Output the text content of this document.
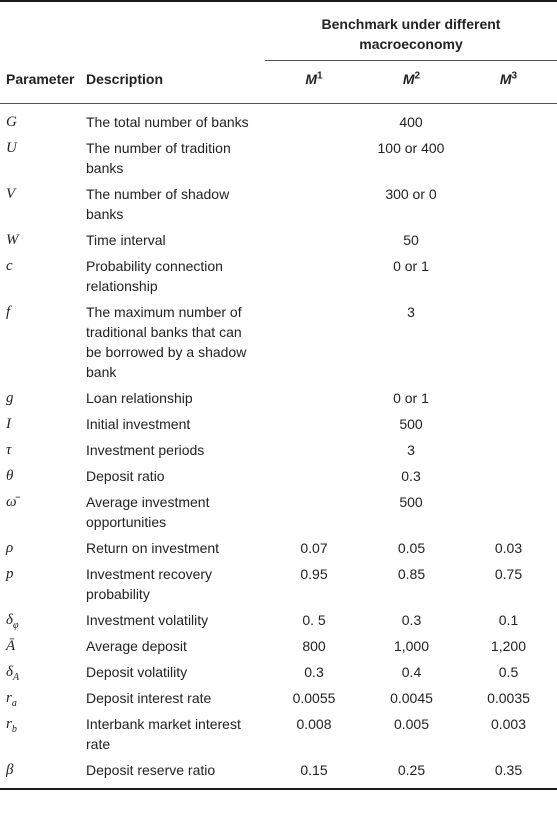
		Benchmark under different macroeconomy		
Parameter	Description	$M^1$	$M^2$	$M^3$
G	The total number of banks	400		
U	The number of tradition banks	100 or 400		
V	The number of shadow banks	300 or 0		
W	Time interval	50		
c	Probability connection relationship	0 or 1		
f	The maximum number of traditional banks that can be borrowed by a shadow bank	3		
g	Loan relationship	0 or 1		
I	Initial investment	500		
τ	Investment periods	3		
θ	Deposit ratio	0.3		
ω̄	Average investment opportunities	500		
ρ	Return on investment	0.07	0.05	0.03
p	Investment recovery probability	0.95	0.85	0.75
$\delta_\varphi$	Investment volatility	0. 5	0.3	0.1
Ā	Average deposit	800	1,000	1,200
$\delta_A$	Deposit volatility	0.3	0.4	0.5
$r_a$	Deposit interest rate	0.0055	0.0045	0.0035
$r_b$	Interbank market interest rate	0.008	0.005	0.003
β	Deposit reserve ratio	0.15	0.25	0.35
